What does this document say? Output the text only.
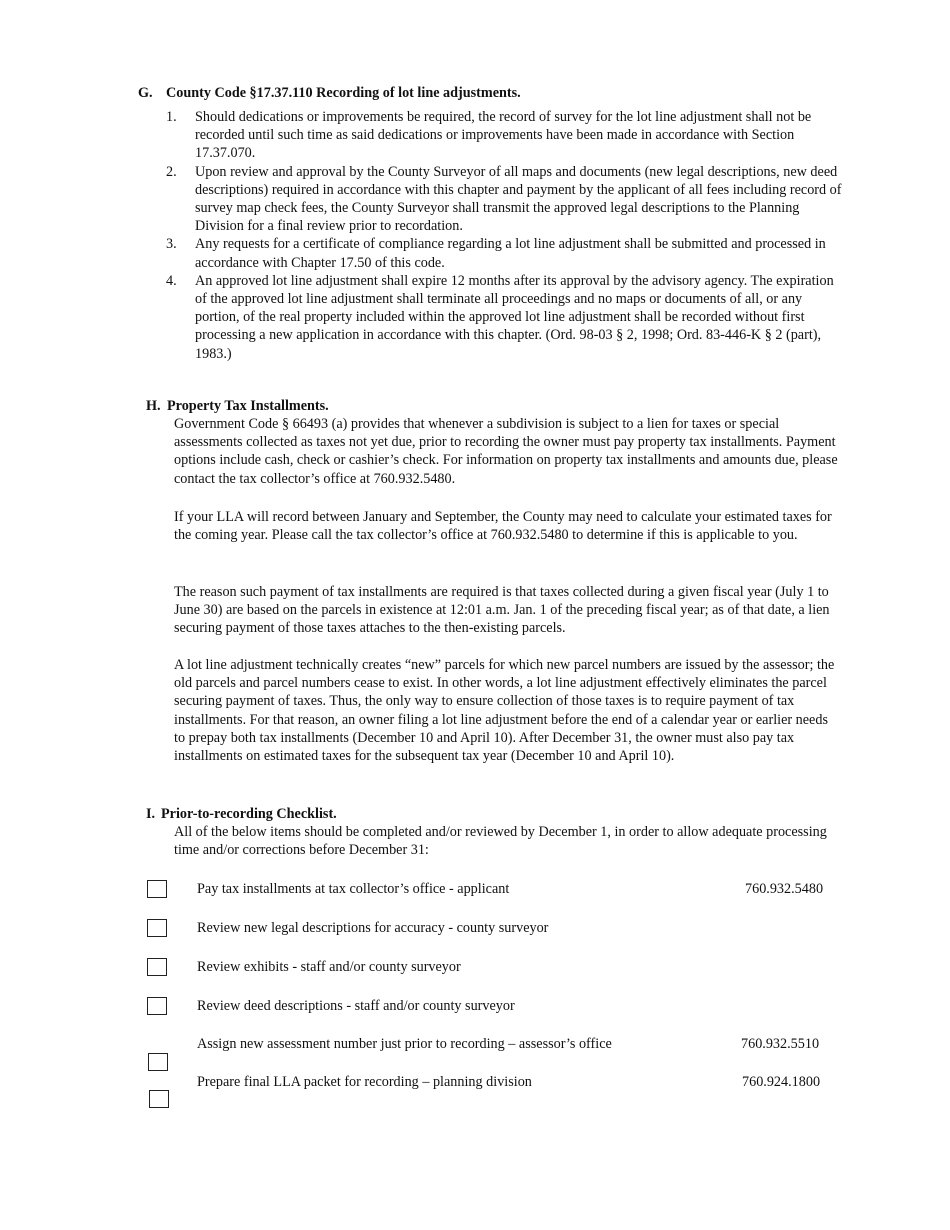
G. County Code §17.37.110 Recording of lot line adjustments.
1. Should dedications or improvements be required, the record of survey for the lot line adjustment shall not be recorded until such time as said dedications or improvements have been made in accordance with Section 17.37.070.
2. Upon review and approval by the County Surveyor of all maps and documents (new legal descriptions, new deed descriptions) required in accordance with this chapter and payment by the applicant of all fees including record of survey map check fees, the County Surveyor shall transmit the approved legal descriptions to the Planning Division for a final review prior to recordation.
3. Any requests for a certificate of compliance regarding a lot line adjustment shall be submitted and processed in accordance with Chapter 17.50 of this code.
4. An approved lot line adjustment shall expire 12 months after its approval by the advisory agency. The expiration of the approved lot line adjustment shall terminate all proceedings and no maps or documents of all, or any portion, of the real property included within the approved lot line adjustment shall be recorded without first processing a new application in accordance with this chapter. (Ord. 98-03 § 2, 1998; Ord. 83-446-K § 2 (part), 1983.)
H. Property Tax Installments.

Government Code § 66493 (a) provides that whenever a subdivision is subject to a lien for taxes or special assessments collected as taxes not yet due, prior to recording the owner must pay property tax installments. Payment options include cash, check or cashier’s check. For information on property tax installments and amounts due, please contact the tax collector’s office at 760.932.5480.

If your LLA will record between January and September, the County may need to calculate your estimated taxes for the coming year. Please call the tax collector’s office at 760.932.5480 to determine if this is applicable to you.

The reason such payment of tax installments are required is that taxes collected during a given fiscal year (July 1 to June 30) are based on the parcels in existence at 12:01 a.m. Jan. 1 of the preceding fiscal year; as of that date, a lien securing payment of those taxes attaches to the then-existing parcels.

A lot line adjustment technically creates “new” parcels for which new parcel numbers are issued by the assessor; the old parcels and parcel numbers cease to exist. In other words, a lot line adjustment effectively eliminates the parcel securing payment of taxes. Thus, the only way to ensure collection of those taxes is to require payment of tax installments. For that reason, an owner filing a lot line adjustment before the end of a calendar year or earlier needs to prepay both tax installments (December 10 and April 10). After December 31, the owner must also pay tax installments on estimated taxes for the subsequent tax year (December 10 and April 10).

I. Prior-to-recording Checklist.

All of the below items should be completed and/or reviewed by December 1, in order to allow adequate processing time and/or corrections before December 31:

Pay tax installments at tax collector’s office - applicant	760.932.5480
Review new legal descriptions for accuracy - county surveyor
Review exhibits - staff and/or county surveyor
Review deed descriptions - staff and/or county surveyor
Assign new assessment number just prior to recording – assessor’s office	760.932.5510
Prepare final LLA packet for recording – planning division	760.924.1800
